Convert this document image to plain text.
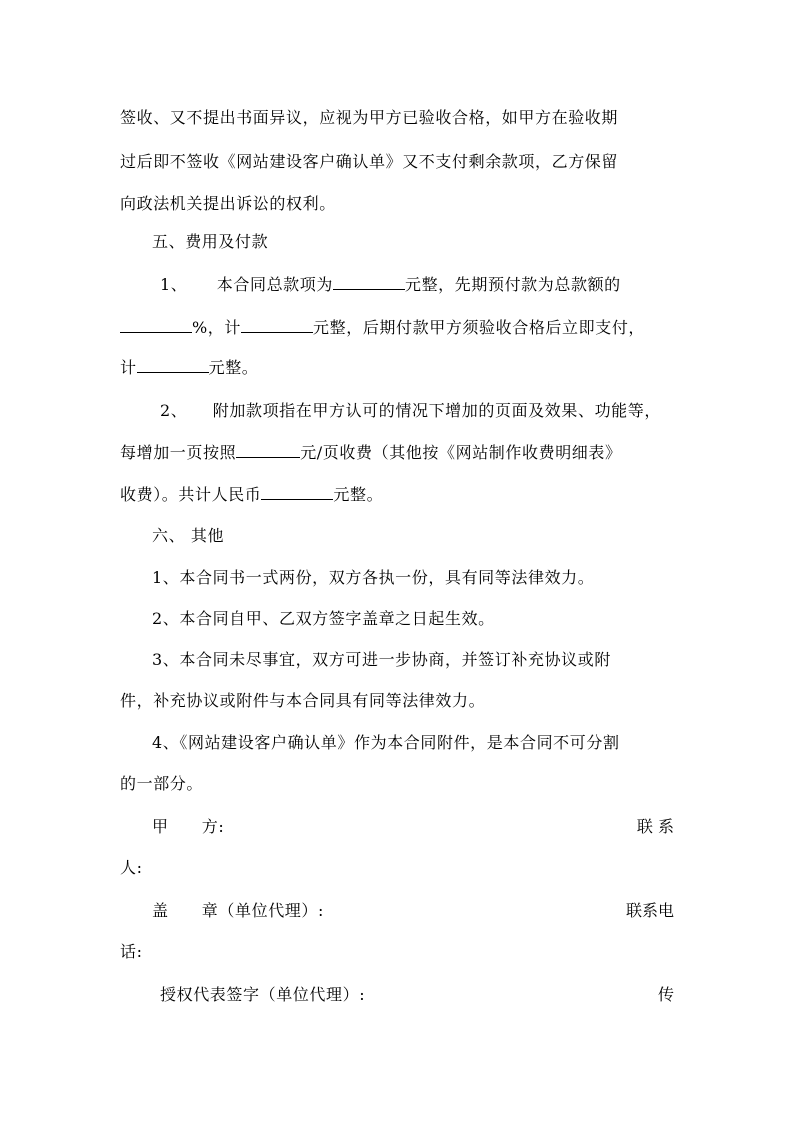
签收、又不提出书面异议，应视为甲方已验收合格，如甲方在验收期
过后即不签收《网站建设客户确认单》又不支付剩余款项，乙方保留
向政法机关提出诉讼的权利。
五、费用及付款
1、 本合同总款项为	元整，先期预付款为总款额的
%，计	元整，后期付款甲方须验收合格后立即支付，
计	元整。
2、 附加款项指在甲方认可的情况下增加的页面及效果、功能等，
每增加一页按照	元/页收费（其他按《网站制作收费明细表》
收费）。共计人民币	元整。
六、 其他
1、本合同书一式两份，双方各执一份，具有同等法律效力。
2、本合同自甲、乙双方签字盖章之日起生效。
3、本合同未尽事宜，双方可进一步协商，并签订补充协议或附
件，补充协议或附件与本合同具有同等法律效力。
4、《网站建设客户确认单》作为本合同附件，是本合同不可分割
的一部分。
甲　　方:	联 系
人:
盖　　章（单位代理）:	联系电
话:
授权代表签字（单位代理）:	传
